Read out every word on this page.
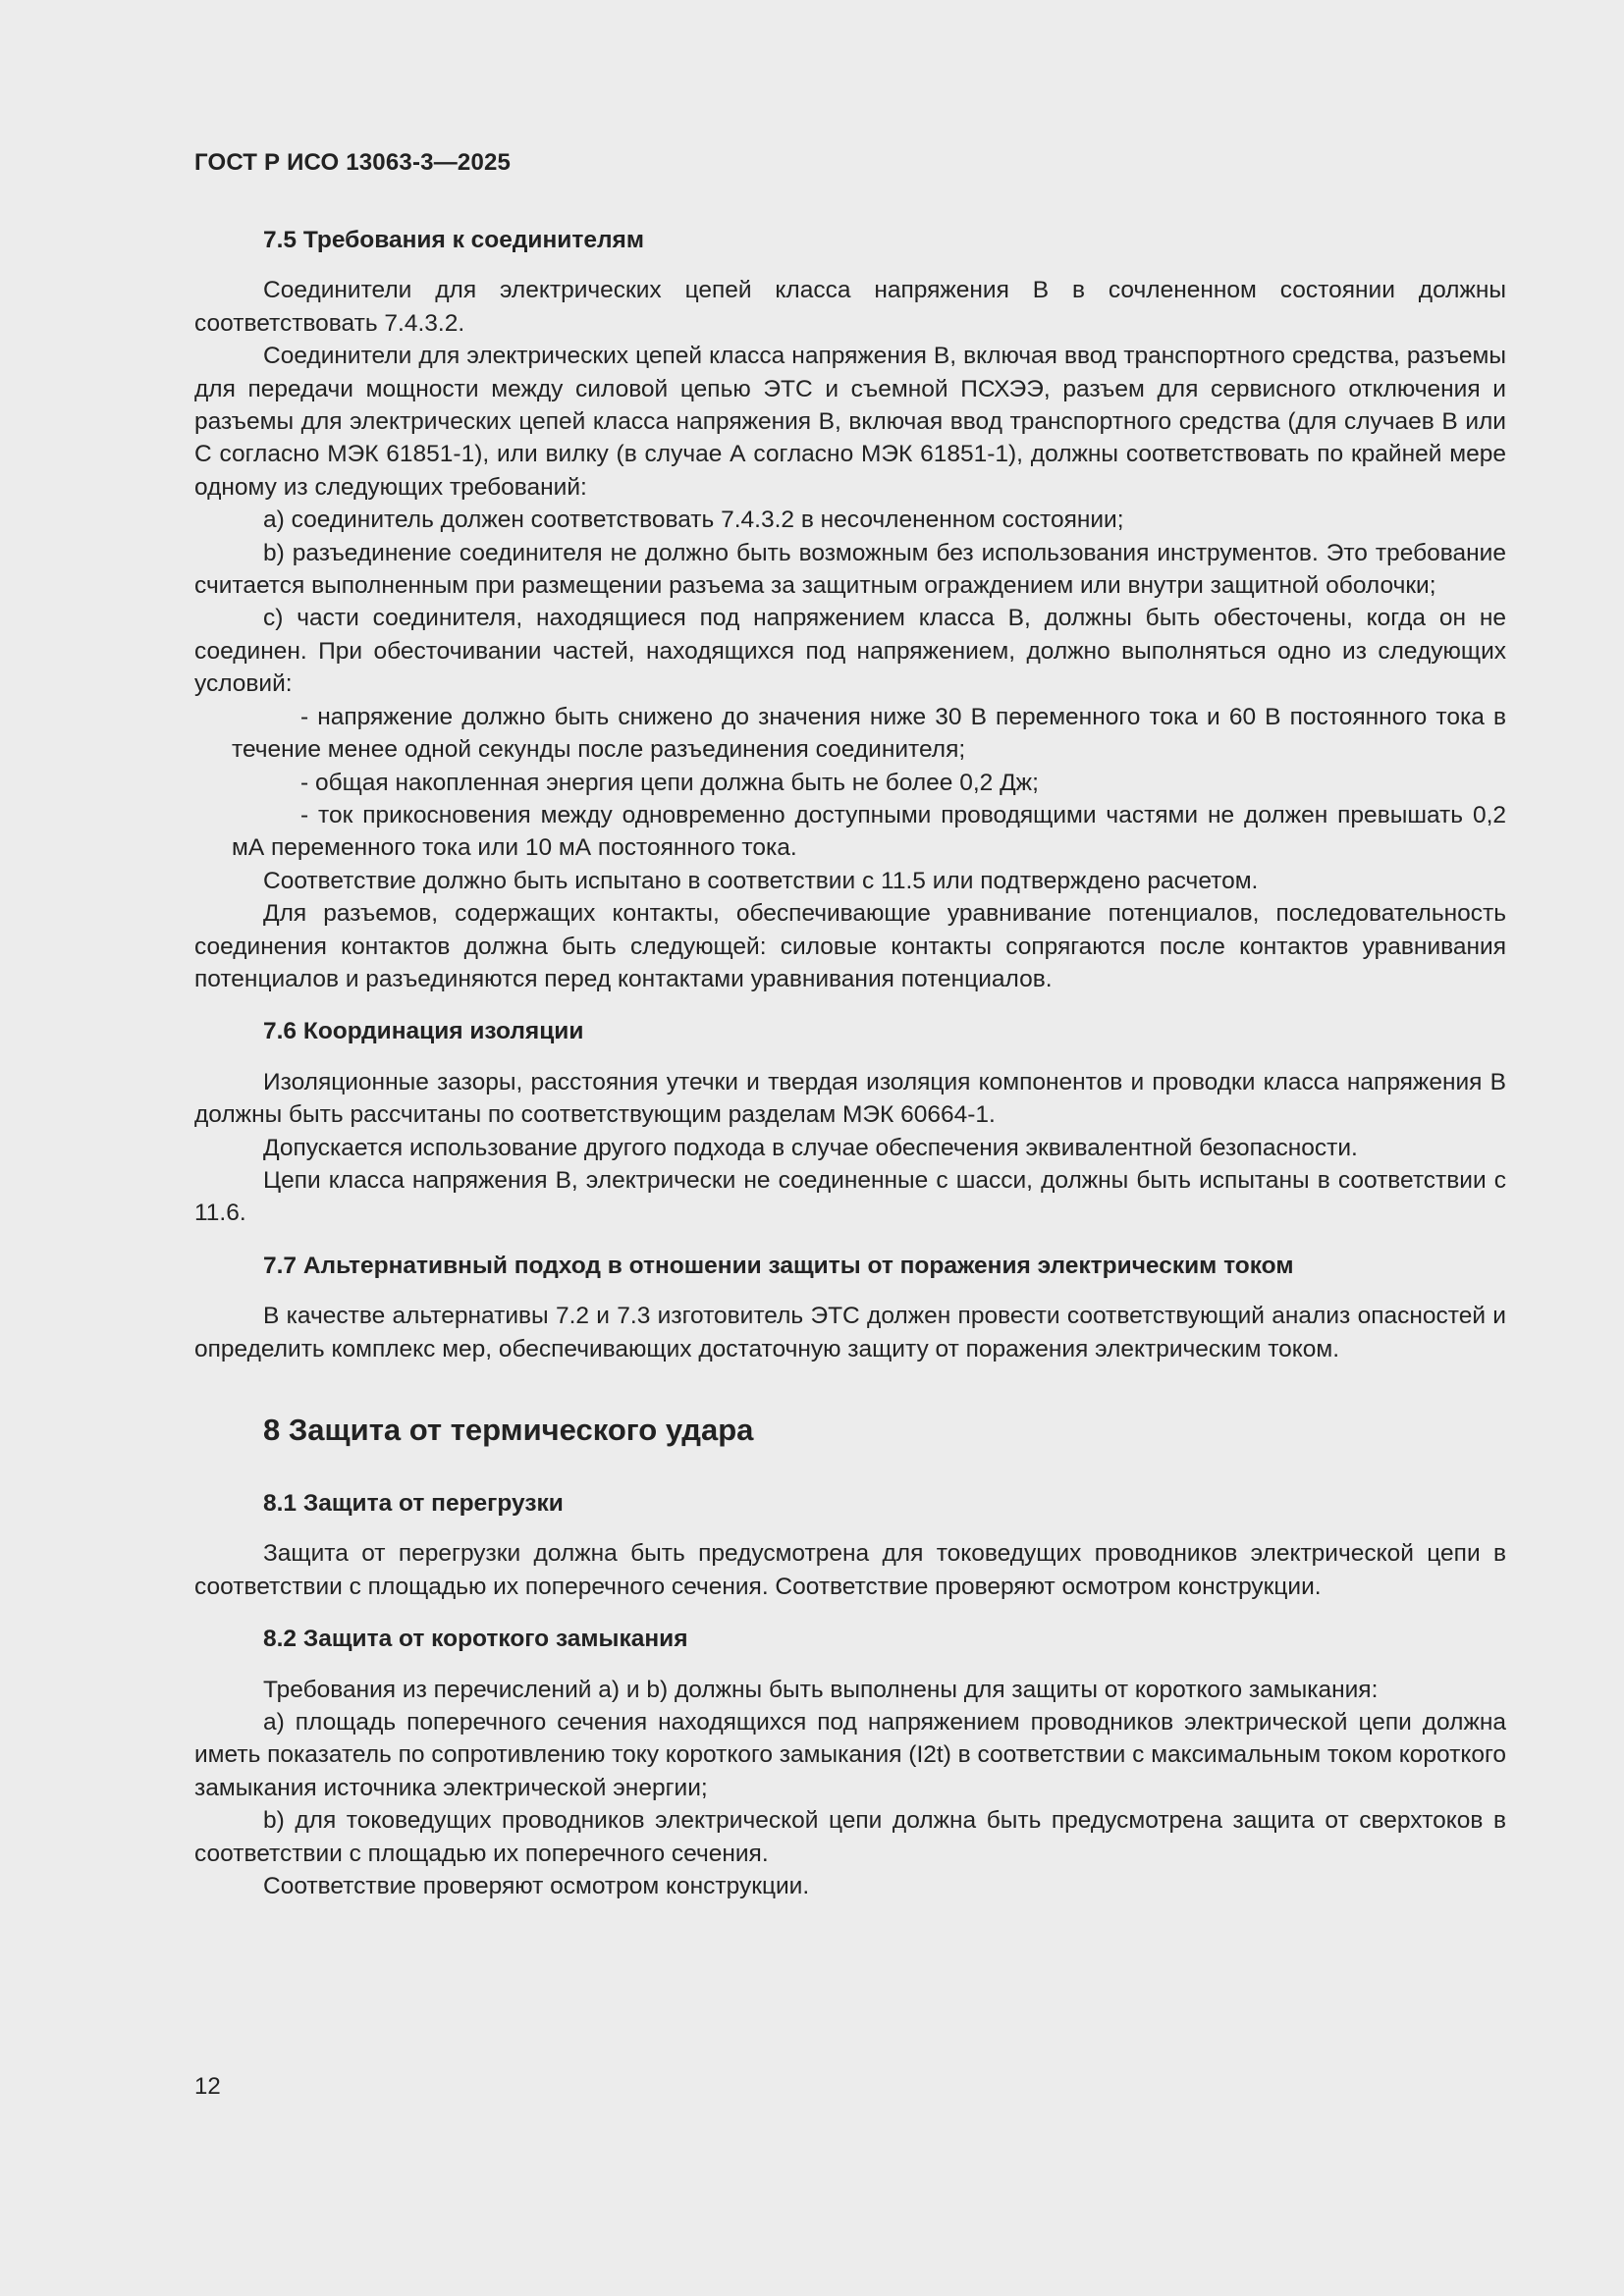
ГОСТ Р ИСО 13063-3—2025
7.5 Требования к соединителям

Соединители для электрических цепей класса напряжения В в сочлененном состоянии должны соответствовать 7.4.3.2.

Соединители для электрических цепей класса напряжения В, включая ввод транспортного средства, разъемы для передачи мощности между силовой цепью ЭТС и съемной ПСХЭЭ, разъем для сервисного отключения и разъемы для электрических цепей класса напряжения В, включая ввод транспортного средства (для случаев В или С согласно МЭК 61851-1), или вилку (в случае А согласно МЭК 61851-1), должны соответствовать по крайней мере одному из следующих требований:

a) соединитель должен соответствовать 7.4.3.2 в несочлененном состоянии;

b) разъединение соединителя не должно быть возможным без использования инструментов. Это требование считается выполненным при размещении разъема за защитным ограждением или внутри защитной оболочки;

c) части соединителя, находящиеся под напряжением класса В, должны быть обесточены, когда он не соединен. При обесточивании частей, находящихся под напряжением, должно выполняться одно из следующих условий:

- напряжение должно быть снижено до значения ниже 30 В переменного тока и 60 В постоянного тока в течение менее одной секунды после разъединения соединителя;

- общая накопленная энергия цепи должна быть не более 0,2 Дж;

- ток прикосновения между одновременно доступными проводящими частями не должен превышать 0,2 мА переменного тока или 10 мА постоянного тока.

Соответствие должно быть испытано в соответствии с 11.5 или подтверждено расчетом.

Для разъемов, содержащих контакты, обеспечивающие уравнивание потенциалов, последовательность соединения контактов должна быть следующей: силовые контакты сопрягаются после контактов уравнивания потенциалов и разъединяются перед контактами уравнивания потенциалов.

7.6 Координация изоляции

Изоляционные зазоры, расстояния утечки и твердая изоляция компонентов и проводки класса напряжения В должны быть рассчитаны по соответствующим разделам МЭК 60664-1.

Допускается использование другого подхода в случае обеспечения эквивалентной безопасности.

Цепи класса напряжения В, электрически не соединенные с шасси, должны быть испытаны в соответствии с 11.6.

7.7 Альтернативный подход в отношении защиты от поражения электрическим током

В качестве альтернативы 7.2 и 7.3 изготовитель ЭТС должен провести соответствующий анализ опасностей и определить комплекс мер, обеспечивающих достаточную защиту от поражения электрическим током.

8 Защита от термического удара
8.1 Защита от перегрузки

Защита от перегрузки должна быть предусмотрена для токоведущих проводников электрической цепи в соответствии с площадью их поперечного сечения. Соответствие проверяют осмотром конструкции.

8.2 Защита от короткого замыкания

Требования из перечислений a) и b) должны быть выполнены для защиты от короткого замыкания:

a) площадь поперечного сечения находящихся под напряжением проводников электрической цепи должна иметь показатель по сопротивлению току короткого замыкания (I2t) в соответствии с максимальным током короткого замыкания источника электрической энергии;

b) для токоведущих проводников электрической цепи должна быть предусмотрена защита от сверхтоков в соответствии с площадью их поперечного сечения.

Соответствие проверяют осмотром конструкции.

12
